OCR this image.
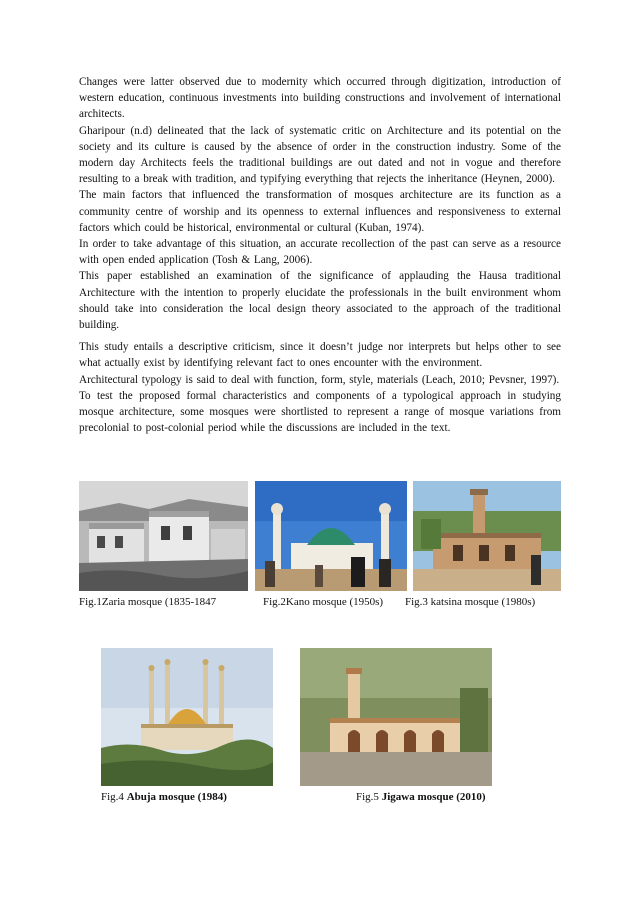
Changes were latter observed due to modernity which occurred through digitization, introduction of western education, continuous investments into building constructions and involvement of international architects.

Gharipour (n.d) delineated that the lack of systematic critic on Architecture and its potential on the society and its culture is caused by the absence of order in the construction industry. Some of the modern day Architects feels the traditional buildings are out dated and not in vogue and therefore resulting to a break with tradition, and typifying everything that rejects the inheritance (Heynen, 2000).

The main factors that influenced the transformation of mosques architecture are its function as a community centre of worship and its openness to external influences and responsiveness to external factors which could be historical, environmental or cultural (Kuban, 1974).

In order to take advantage of this situation, an accurate recollection of the past can serve as a resource with open ended application (Tosh & Lang, 2006).

This paper established an examination of the significance of applauding the Hausa traditional Architecture with the intention to properly elucidate the professionals in the built environment whom should take into consideration the local design theory associated to the approach of the traditional building.

This study entails a descriptive criticism, since it doesn’t judge nor interprets but helps other to see what actually exist by identifying relevant fact to ones encounter with the environment.

Architectural typology is said to deal with function, form, style, materials (Leach, 2010; Pevsner, 1997).

To test the proposed formal characteristics and components of a typological approach in studying mosque architecture, some mosques were shortlisted to represent a range of mosque variations from precolonial to post-colonial period while the discussions are included in the text.

Fig.1Zaria mosque (1835-1847	Fig.2Kano mosque (1950s) Fig.3 katsina mosque (1980s)
Fig.4 Abuja mosque (1984)	Fig.5 Jigawa mosque (2010)
